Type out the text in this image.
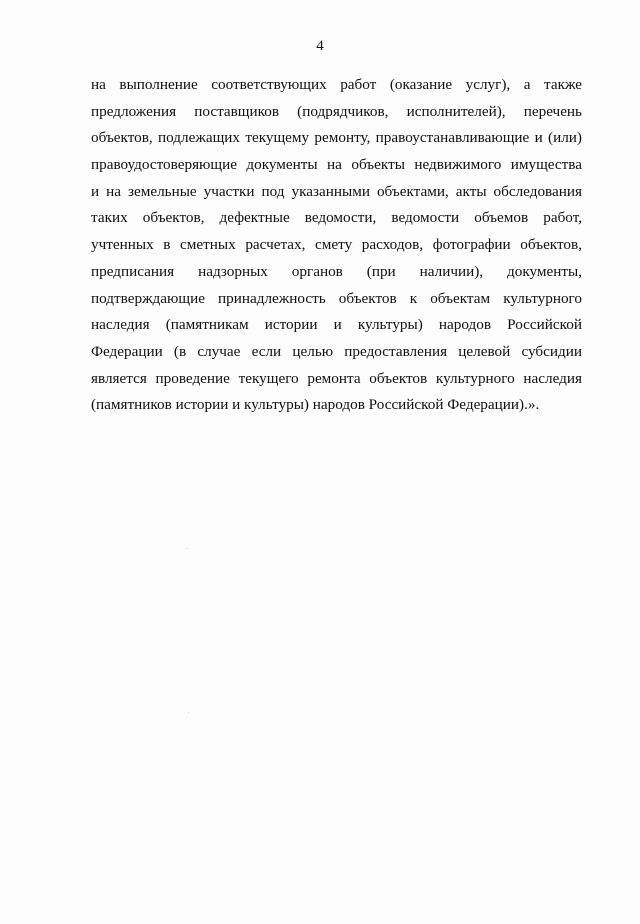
4
на выполнение соответствующих работ (оказание услуг), а также
предложения поставщиков (подрядчиков, исполнителей), перечень
объектов, подлежащих текущему ремонту, правоустанавливающие и (или)
правоудостоверяющие документы на объекты недвижимого имущества
и на земельные участки под указанными объектами, акты обследования
таких объектов, дефектные ведомости, ведомости объемов работ,
учтенных в сметных расчетах, смету расходов, фотографии объектов,
предписания надзорных органов (при наличии), документы,
подтверждающие принадлежность объектов к объектам культурного
наследия (памятникам истории и культуры) народов Российской
Федерации (в случае если целью предоставления целевой субсидии
является проведение текущего ремонта объектов культурного наследия
(памятников истории и культуры) народов Российской Федерации).».
